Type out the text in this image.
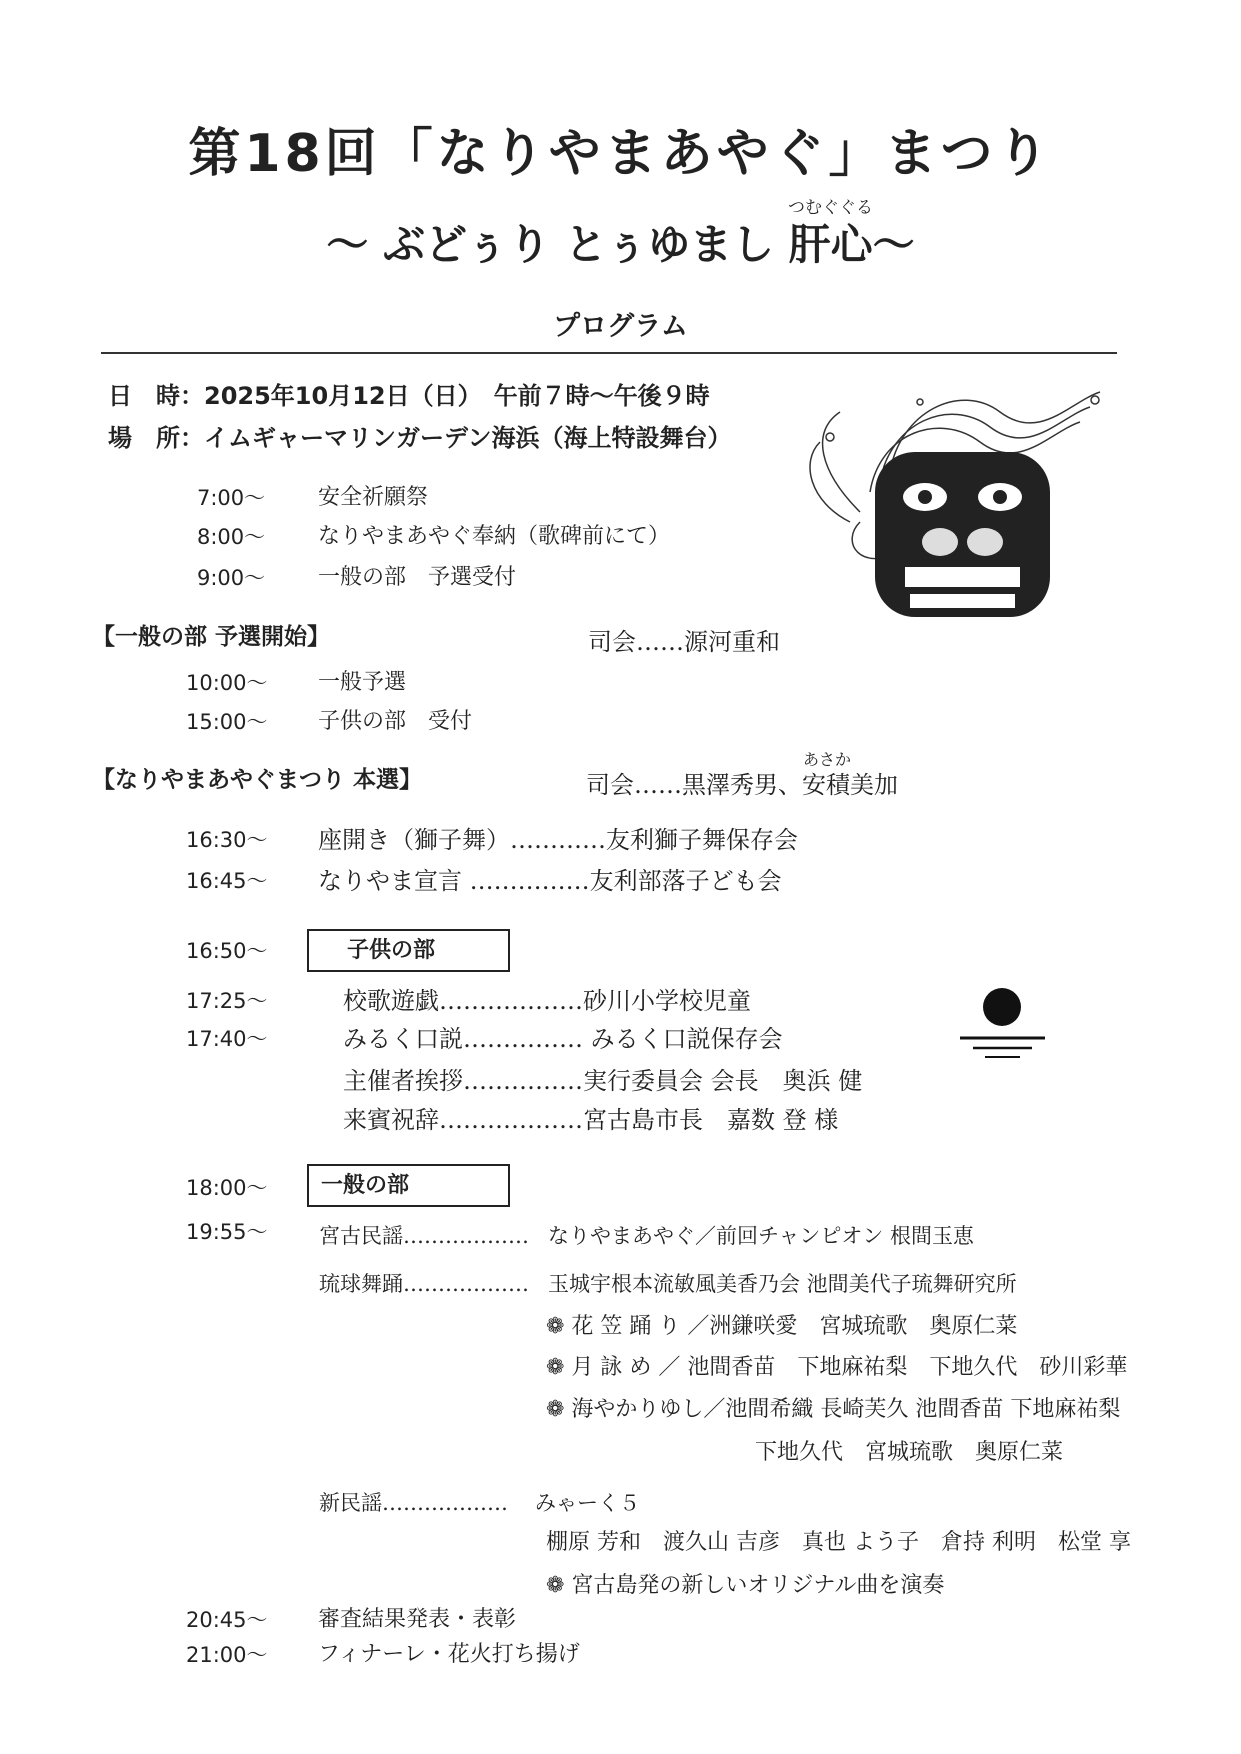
第18回「なりやまあやぐ」まつり
つむぐぐる
〜 ぶどぅり とぅゆまし 肝心〜
プログラム
日　時：2025年10月12日（日）　午前７時〜午後９時
場　所：イムギャーマリンガーデン海浜（海上特設舞台）
7:00〜 安全祈願祭
8:00〜 なりやまあやぐ奉納（歌碑前にて）
9:00〜 一般の部　予選受付
【一般の部 予選開始】	司会……源河重和
10:00〜 一般予選
15:00〜 子供の部　受付
【なりやまあやぐまつり 本選】
あさか
司会……黒澤秀男、安積美加
16:30〜 座開き（獅子舞）…………友利獅子舞保存会
16:45〜 なりやま宣言 ……………友利部落子ども会
16:50〜	子供の部
17:25〜	校歌遊戯………………砂川小学校児童
17:40〜	みるく口説…………… みるく口説保存会
主催者挨拶……………実行委員会 会長　奥浜 健
来賓祝辞………………宮古島市長　嘉数 登 様
18:00〜 一般の部
19:55〜 宮古民謡……………… なりやまあやぐ／前回チャンピオン 根間玉恵
琉球舞踊……………… 玉城宇根本流敏風美香乃会 池間美代子琉舞研究所
❁ 花 笠 踊 り ／洲鎌咲愛　宮城琉歌　奥原仁菜
❁ 月 詠 め ／ 池間香苗　下地麻祐梨　下地久代　砂川彩華
❁ 海やかりゆし／池間希織 長崎芙久 池間香苗 下地麻祐梨
下地久代　宮城琉歌　奥原仁菜
新民謡……………… みゃーく５
棚原 芳和　渡久山 吉彦　真也 よう子　倉持 利明　松堂 享
❁ 宮古島発の新しいオリジナル曲を演奏
20:45〜 審査結果発表・表彰
21:00〜 フィナーレ・花火打ち揚げ
